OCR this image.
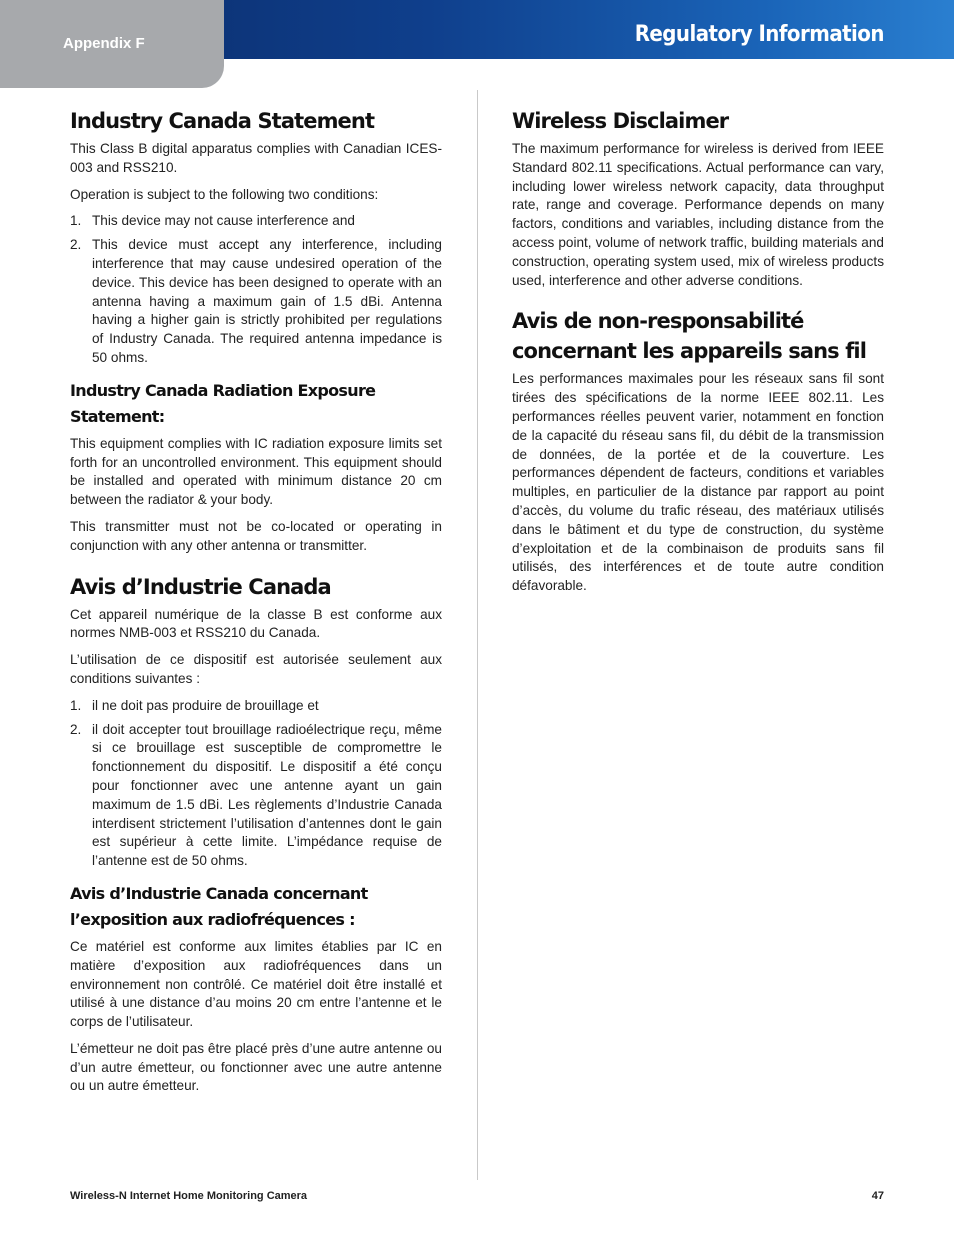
Regulatory Information
Appendix F
Industry Canada Statement

This Class B digital apparatus complies with Canadian ICES-003 and RSS210.

Operation is subject to the following two conditions:

1. This device may not cause interference and
2. This device must accept any interference, including interference that may cause undesired operation of the device. This device has been designed to operate with an antenna having a maximum gain of 1.5 dBi. Antenna having a higher gain is strictly prohibited per regulations of Industry Canada. The required antenna impedance is 50 ohms.
Industry Canada Radiation Exposure Statement:

This equipment complies with IC radiation exposure limits set forth for an uncontrolled environment. This equipment should be installed and operated with minimum distance 20 cm between the radiator & your body.

This transmitter must not be co-located or operating in conjunction with any other antenna or transmitter.

Avis d’Industrie Canada

Cet appareil numérique de la classe B est conforme aux normes NMB-003 et RSS210 du Canada.

L’utilisation de ce dispositif est autorisée seulement aux conditions suivantes :

1. il ne doit pas produire de brouillage et
2. il doit accepter tout brouillage radioélectrique reçu, même si ce brouillage est susceptible de compromettre le fonctionnement du dispositif. Le dispositif a été conçu pour fonctionner avec une antenne ayant un gain maximum de 1.5 dBi. Les règlements d’Industrie Canada interdisent strictement l’utilisation d’antennes dont le gain est supérieur à cette limite. L’impédance requise de l’antenne est de 50 ohms.
Avis d’Industrie Canada concernant l’exposition aux radiofréquences :

Ce matériel est conforme aux limites établies par IC en matière d’exposition aux radiofréquences dans un environnement non contrôlé. Ce matériel doit être installé et utilisé à une distance d’au moins 20 cm entre l’antenne et le corps de l’utilisateur.

L’émetteur ne doit pas être placé près d’une autre antenne ou d’un autre émetteur, ou fonctionner avec une autre antenne ou un autre émetteur.

Wireless Disclaimer

The maximum performance for wireless is derived from IEEE Standard 802.11 specifications. Actual performance can vary, including lower wireless network capacity, data throughput rate, range and coverage. Performance depends on many factors, conditions and variables, including distance from the access point, volume of network traffic, building materials and construction, operating system used, mix of wireless products used, interference and other adverse conditions.

Avis de non-responsabilité concernant les appareils sans fil

Les performances maximales pour les réseaux sans fil sont tirées des spécifications de la norme IEEE 802.11. Les performances réelles peuvent varier, notamment en fonction de la capacité du réseau sans fil, du débit de la transmission de données, de la portée et de la couverture. Les performances dépendent de facteurs, conditions et variables multiples, en particulier de la distance par rapport au point d’accès, du volume du trafic réseau, des matériaux utilisés dans le bâtiment et du type de construction, du système d’exploitation et de la combinaison de produits sans fil utilisés, des interférences et de toute autre condition défavorable.

Wireless-N Internet Home Monitoring Camera	47
